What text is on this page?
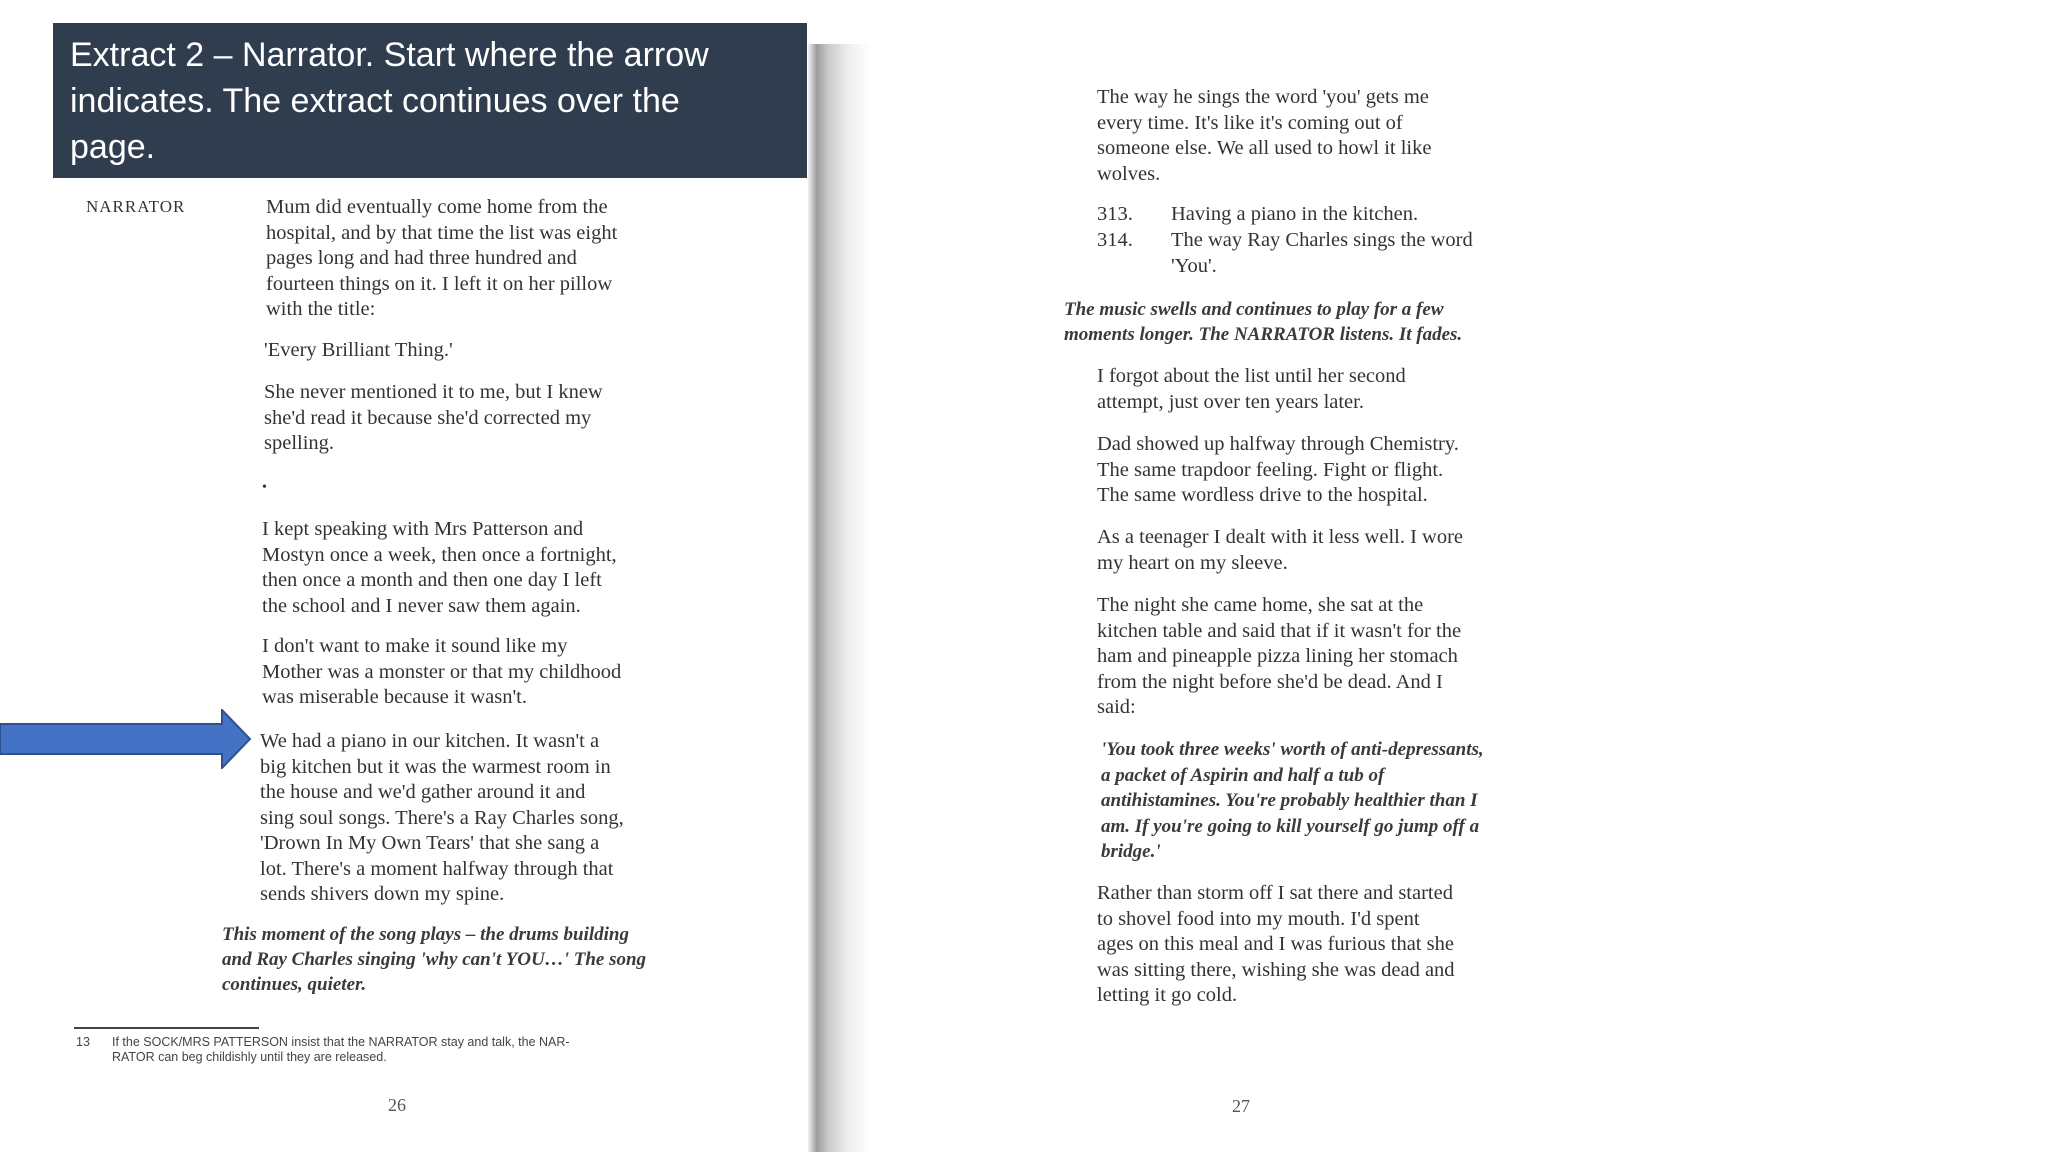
NARRATOR	Mum did eventually come home from the
hospital, and by that time the list was eight
pages long and had three hundred and
fourteen things on it. I left it on her pillow
with the title:
'Every Brilliant Thing.'
She never mentioned it to me, but I knew
she'd read it because she'd corrected my
spelling.
•
I kept speaking with Mrs Patterson and
Mostyn once a week, then once a fortnight,
then once a month and then one day I left
the school and I never saw them again.
I don't want to make it sound like my
Mother was a monster or that my childhood
was miserable because it wasn't.
We had a piano in our kitchen. It wasn't a
big kitchen but it was the warmest room in
the house and we'd gather around it and
sing soul songs. There's a Ray Charles song,
'Drown In My Own Tears' that she sang a
lot. There's a moment halfway through that
sends shivers down my spine.
This moment of the song plays – the drums building
and Ray Charles singing 'why can't YOU…' The song
continues, quieter.
13 If the SOCK/MRS PATTERSON insist that the NARRATOR stay and talk, the NAR-
RATOR can beg childishly until they are released.
26
The way he sings the word 'you' gets me
every time. It's like it's coming out of
someone else. We all used to howl it like
wolves.
313. Having a piano in the kitchen.
314. The way Ray Charles sings the word
'You'.
The music swells and continues to play for a few
moments longer. The NARRATOR listens. It fades.
I forgot about the list until her second
attempt, just over ten years later.
Dad showed up halfway through Chemistry.
The same trapdoor feeling. Fight or flight.
The same wordless drive to the hospital.
As a teenager I dealt with it less well. I wore
my heart on my sleeve.
The night she came home, she sat at the
kitchen table and said that if it wasn't for the
ham and pineapple pizza lining her stomach
from the night before she'd be dead. And I
said:
'You took three weeks' worth of anti-depressants,
a packet of Aspirin and half a tub of
antihistamines. You're probably healthier than I
am. If you're going to kill yourself go jump off a
bridge.'
Rather than storm off I sat there and started
to shovel food into my mouth. I'd spent
ages on this meal and I was furious that she
was sitting there, wishing she was dead and
letting it go cold.
27
Extract 2 – Narrator. Start where the arrow
indicates. The extract continues over the
page.
